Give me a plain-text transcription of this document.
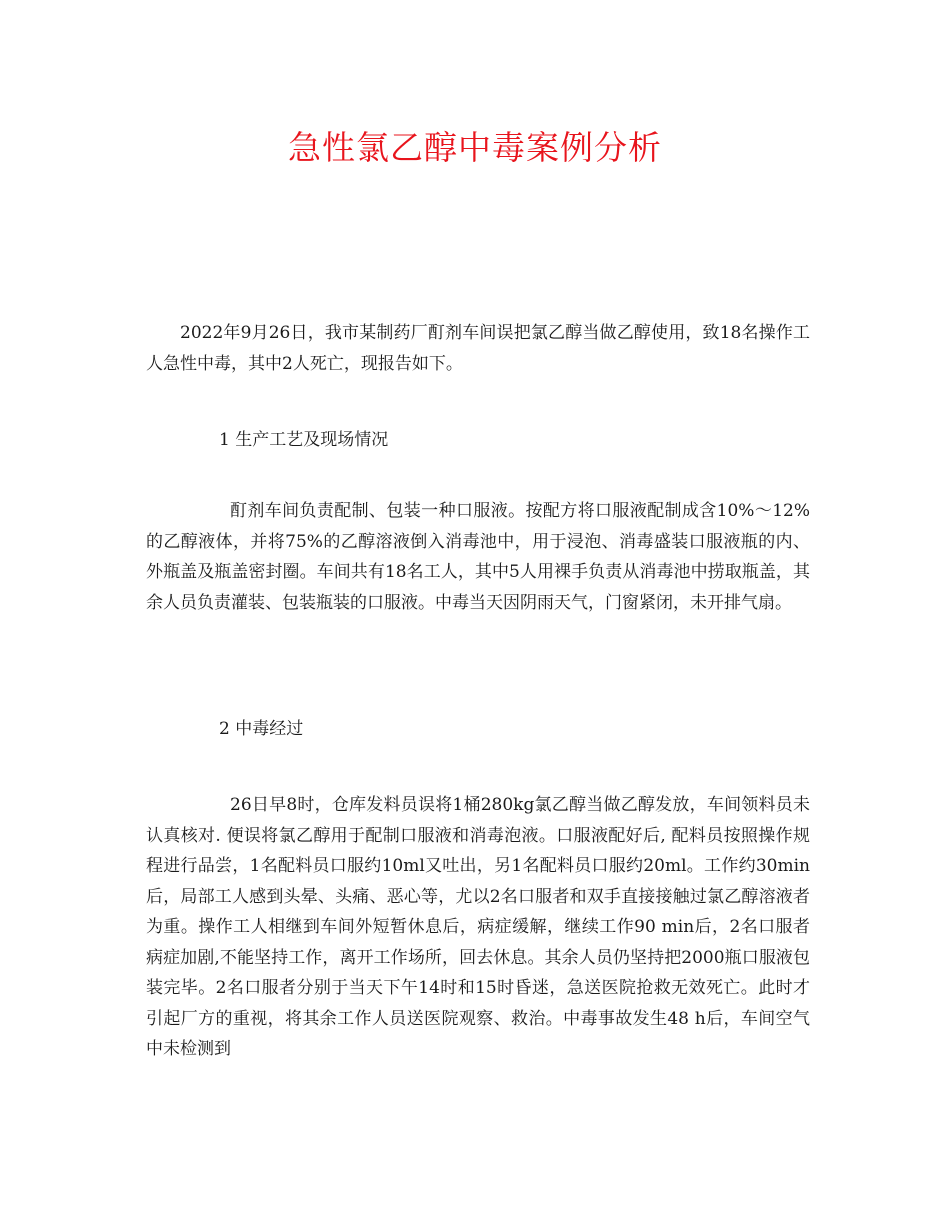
急性氯乙醇中毒案例分析

2022年9月26日，我市某制药厂酊剂车间误把氯乙醇当做乙醇使用，致18名操作工人急性中毒，其中2人死亡，现报告如下。

1 生产工艺及现场情况

酊剂车间负责配制、包装一种口服液。按配方将口服液配制成含10%～12%的乙醇液体，并将75%的乙醇溶液倒入消毒池中，用于浸泡、消毒盛装口服液瓶的内、外瓶盖及瓶盖密封圈。车间共有18名工人，其中5人用裸手负责从消毒池中捞取瓶盖，其余人员负责灌装、包装瓶装的口服液。中毒当天因阴雨天气，门窗紧闭，未开排气扇。

2 中毒经过

26日早8时，仓库发料员误将1桶280kg氯乙醇当做乙醇发放，车间领料员未认真核对. 便误将氯乙醇用于配制口服液和消毒泡液。口服液配好后, 配料员按照操作规程进行品尝，1名配料员口服约10ml又吐出，另1名配料员口服约20ml。工作约30min后，局部工人感到头晕、头痛、恶心等，尤以2名口服者和双手直接接触过氯乙醇溶液者为重。操作工人相继到车间外短暂休息后，病症缓解，继续工作90 min后，2名口服者病症加剧,不能坚持工作，离开工作场所，回去休息。其余人员仍坚持把2000瓶口服液包装完毕。2名口服者分别于当天下午14时和15时昏迷，急送医院抢救无效死亡。此时才引起厂方的重视，将其余工作人员送医院观察、救治。中毒事故发生48 h后，车间空气中未检测到
